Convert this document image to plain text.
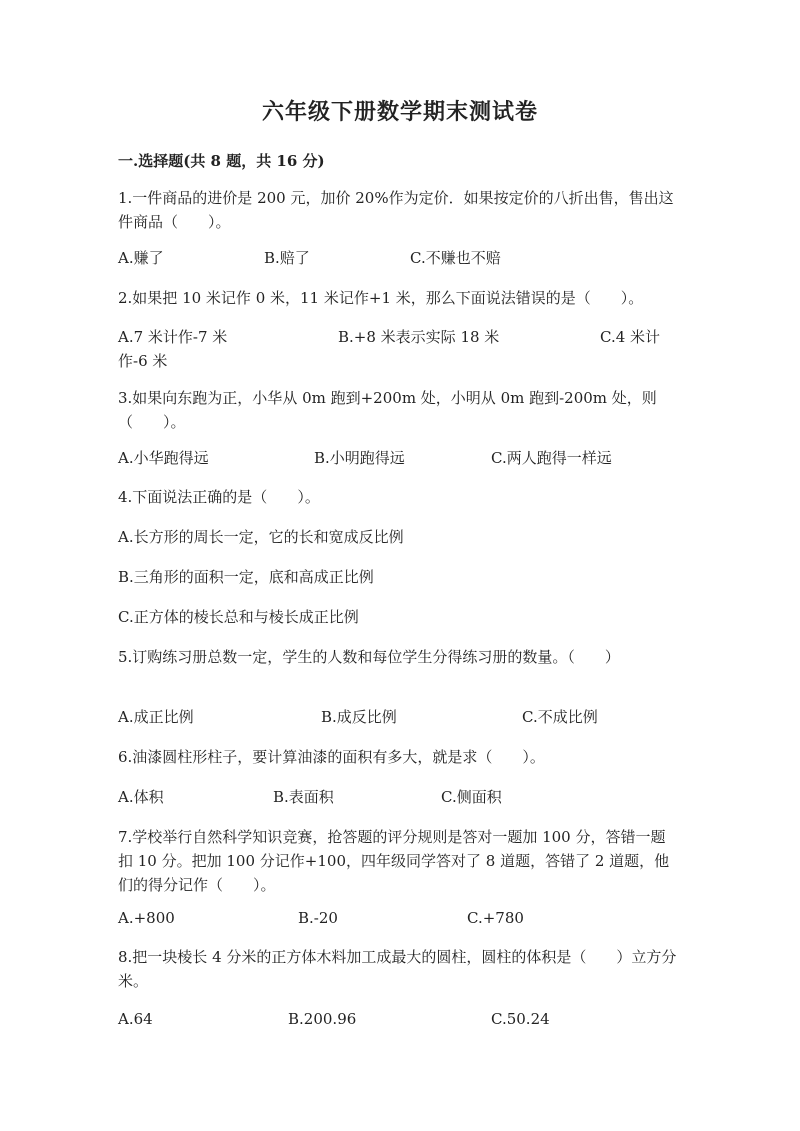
六年级下册数学期末测试卷
一.选择题(共 8 题，共 16 分)
1.一件商品的进价是 200 元，加价 20%作为定价．如果按定价的八折出售，售出这件商品（　　）。
A.赚了	B.赔了	C.不赚也不赔
2.如果把 10 米记作 0 米，11 米记作+1 米，那么下面说法错误的是（　　）。
A.7 米计作-7 米	B.+8 米表示实际 18 米	C.4 米计作-6 米
3.如果向东跑为正，小华从 0m 跑到+200m 处，小明从 0m 跑到-200m 处，则（　　）。
A.小华跑得远	B.小明跑得远	C.两人跑得一样远
4.下面说法正确的是（　　）。
A.长方形的周长一定，它的长和宽成反比例
B.三角形的面积一定，底和高成正比例
C.正方体的棱长总和与棱长成正比例
5.订购练习册总数一定，学生的人数和每位学生分得练习册的数量。（　　）
A.成正比例	B.成反比例	C.不成比例
6.油漆圆柱形柱子，要计算油漆的面积有多大，就是求（　　）。
A.体积	B.表面积	C.侧面积
7.学校举行自然科学知识竞赛，抢答题的评分规则是答对一题加 100 分，答错一题扣 10 分。把加 100 分记作+100，四年级同学答对了 8 道题，答错了 2 道题，他们的得分记作（　　）。
A.+800	B.-20	C.+780
8.把一块棱长 4 分米的正方体木料加工成最大的圆柱，圆柱的体积是（　　）立方分米。
A.64	B.200.96	C.50.24
